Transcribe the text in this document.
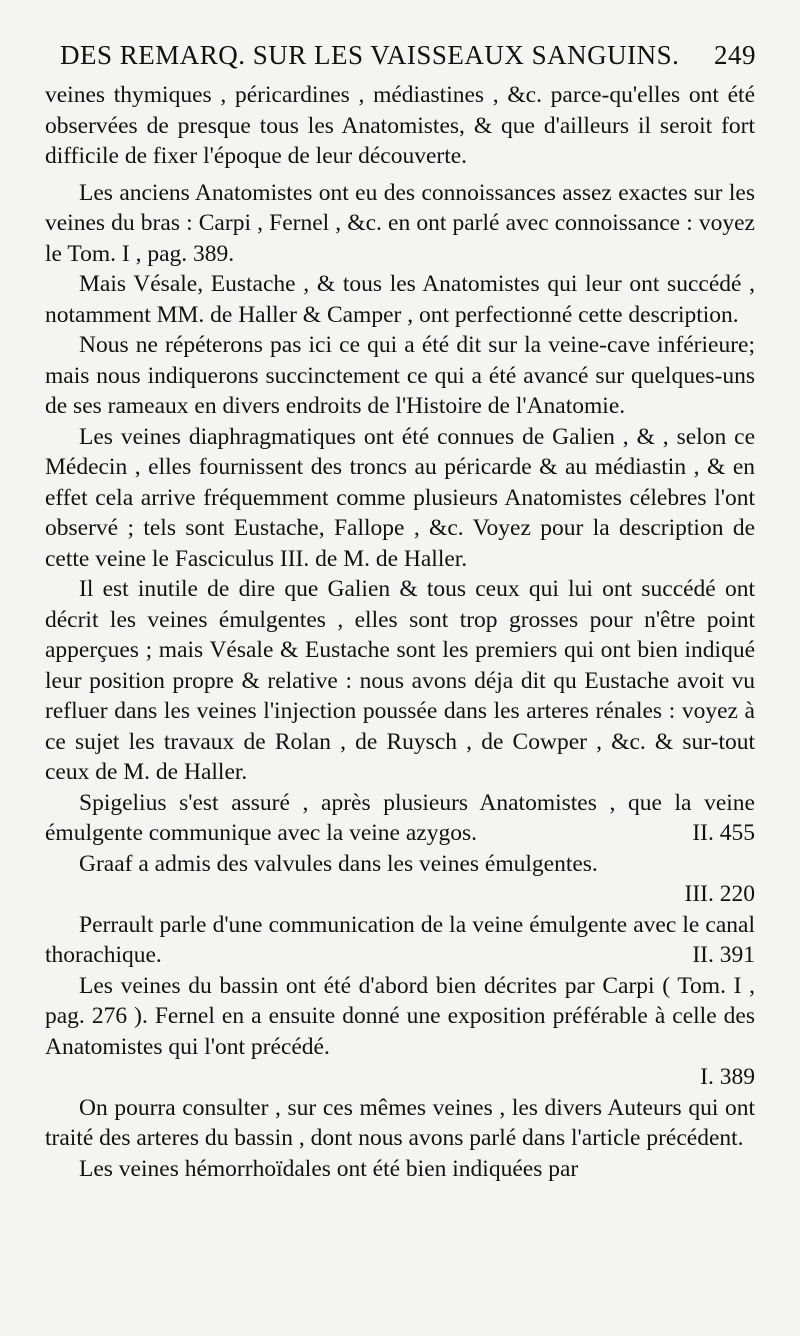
DES REMARQ. SUR LES VAISSEAUX SANGUINS. 249

veines thymiques , péricardines , médiastines , &c. parce-qu'elles ont été observées de presque tous les Anatomistes, & que d'ailleurs il seroit fort difficile de fixer l'époque de leur découverte.

Les anciens Anatomistes ont eu des connoissances assez exactes sur les veines du bras : Carpi , Fernel , &c. en ont parlé avec connoissance : voyez le Tom. I , pag. 389.

Mais Vésale, Eustache , & tous les Anatomistes qui leur ont succédé , notamment MM. de Haller & Camper , ont perfectionné cette description.

Nous ne répéterons pas ici ce qui a été dit sur la veine-cave inférieure; mais nous indiquerons succinctement ce qui a été avancé sur quelques-uns de ses rameaux en divers endroits de l'Histoire de l'Anatomie.

Les veines diaphragmatiques ont été connues de Galien , & , selon ce Médecin , elles fournissent des troncs au péricarde & au médiastin , & en effet cela arrive fréquemment comme plusieurs Anatomistes célebres l'ont observé ; tels sont Eustache, Fallope , &c. Voyez pour la description de cette veine le Fasciculus III. de M. de Haller.

Il est inutile de dire que Galien & tous ceux qui lui ont succédé ont décrit les veines émulgentes , elles sont trop grosses pour n'être point apperçues ; mais Vésale & Eustache sont les premiers qui ont bien indiqué leur position propre & relative : nous avons déja dit qu Eustache avoit vu refluer dans les veines l'injection poussée dans les arteres rénales : voyez à ce sujet les travaux de Rolan , de Ruysch , de Cowper , &c. & sur-tout ceux de M. de Haller.

Spigelius s'est assuré , après plusieurs Anatomistes , que la veine émulgente communique avec la veine azygos.	II. 455

Graaf a admis des valvules dans les veines émulgentes.

III. 220

Perrault parle d'une communication de la veine émulgente avec le canal thorachique.	II. 391

Les veines du bassin ont été d'abord bien décrites par Carpi ( Tom. I , pag. 276 ). Fernel en a ensuite donné une exposition préférable à celle des Anatomistes qui l'ont précédé.

I. 389

On pourra consulter , sur ces mêmes veines , les divers Auteurs qui ont traité des arteres du bassin , dont nous avons parlé dans l'article précédent.

Les veines hémorrhoïdales ont été bien indiquées par
